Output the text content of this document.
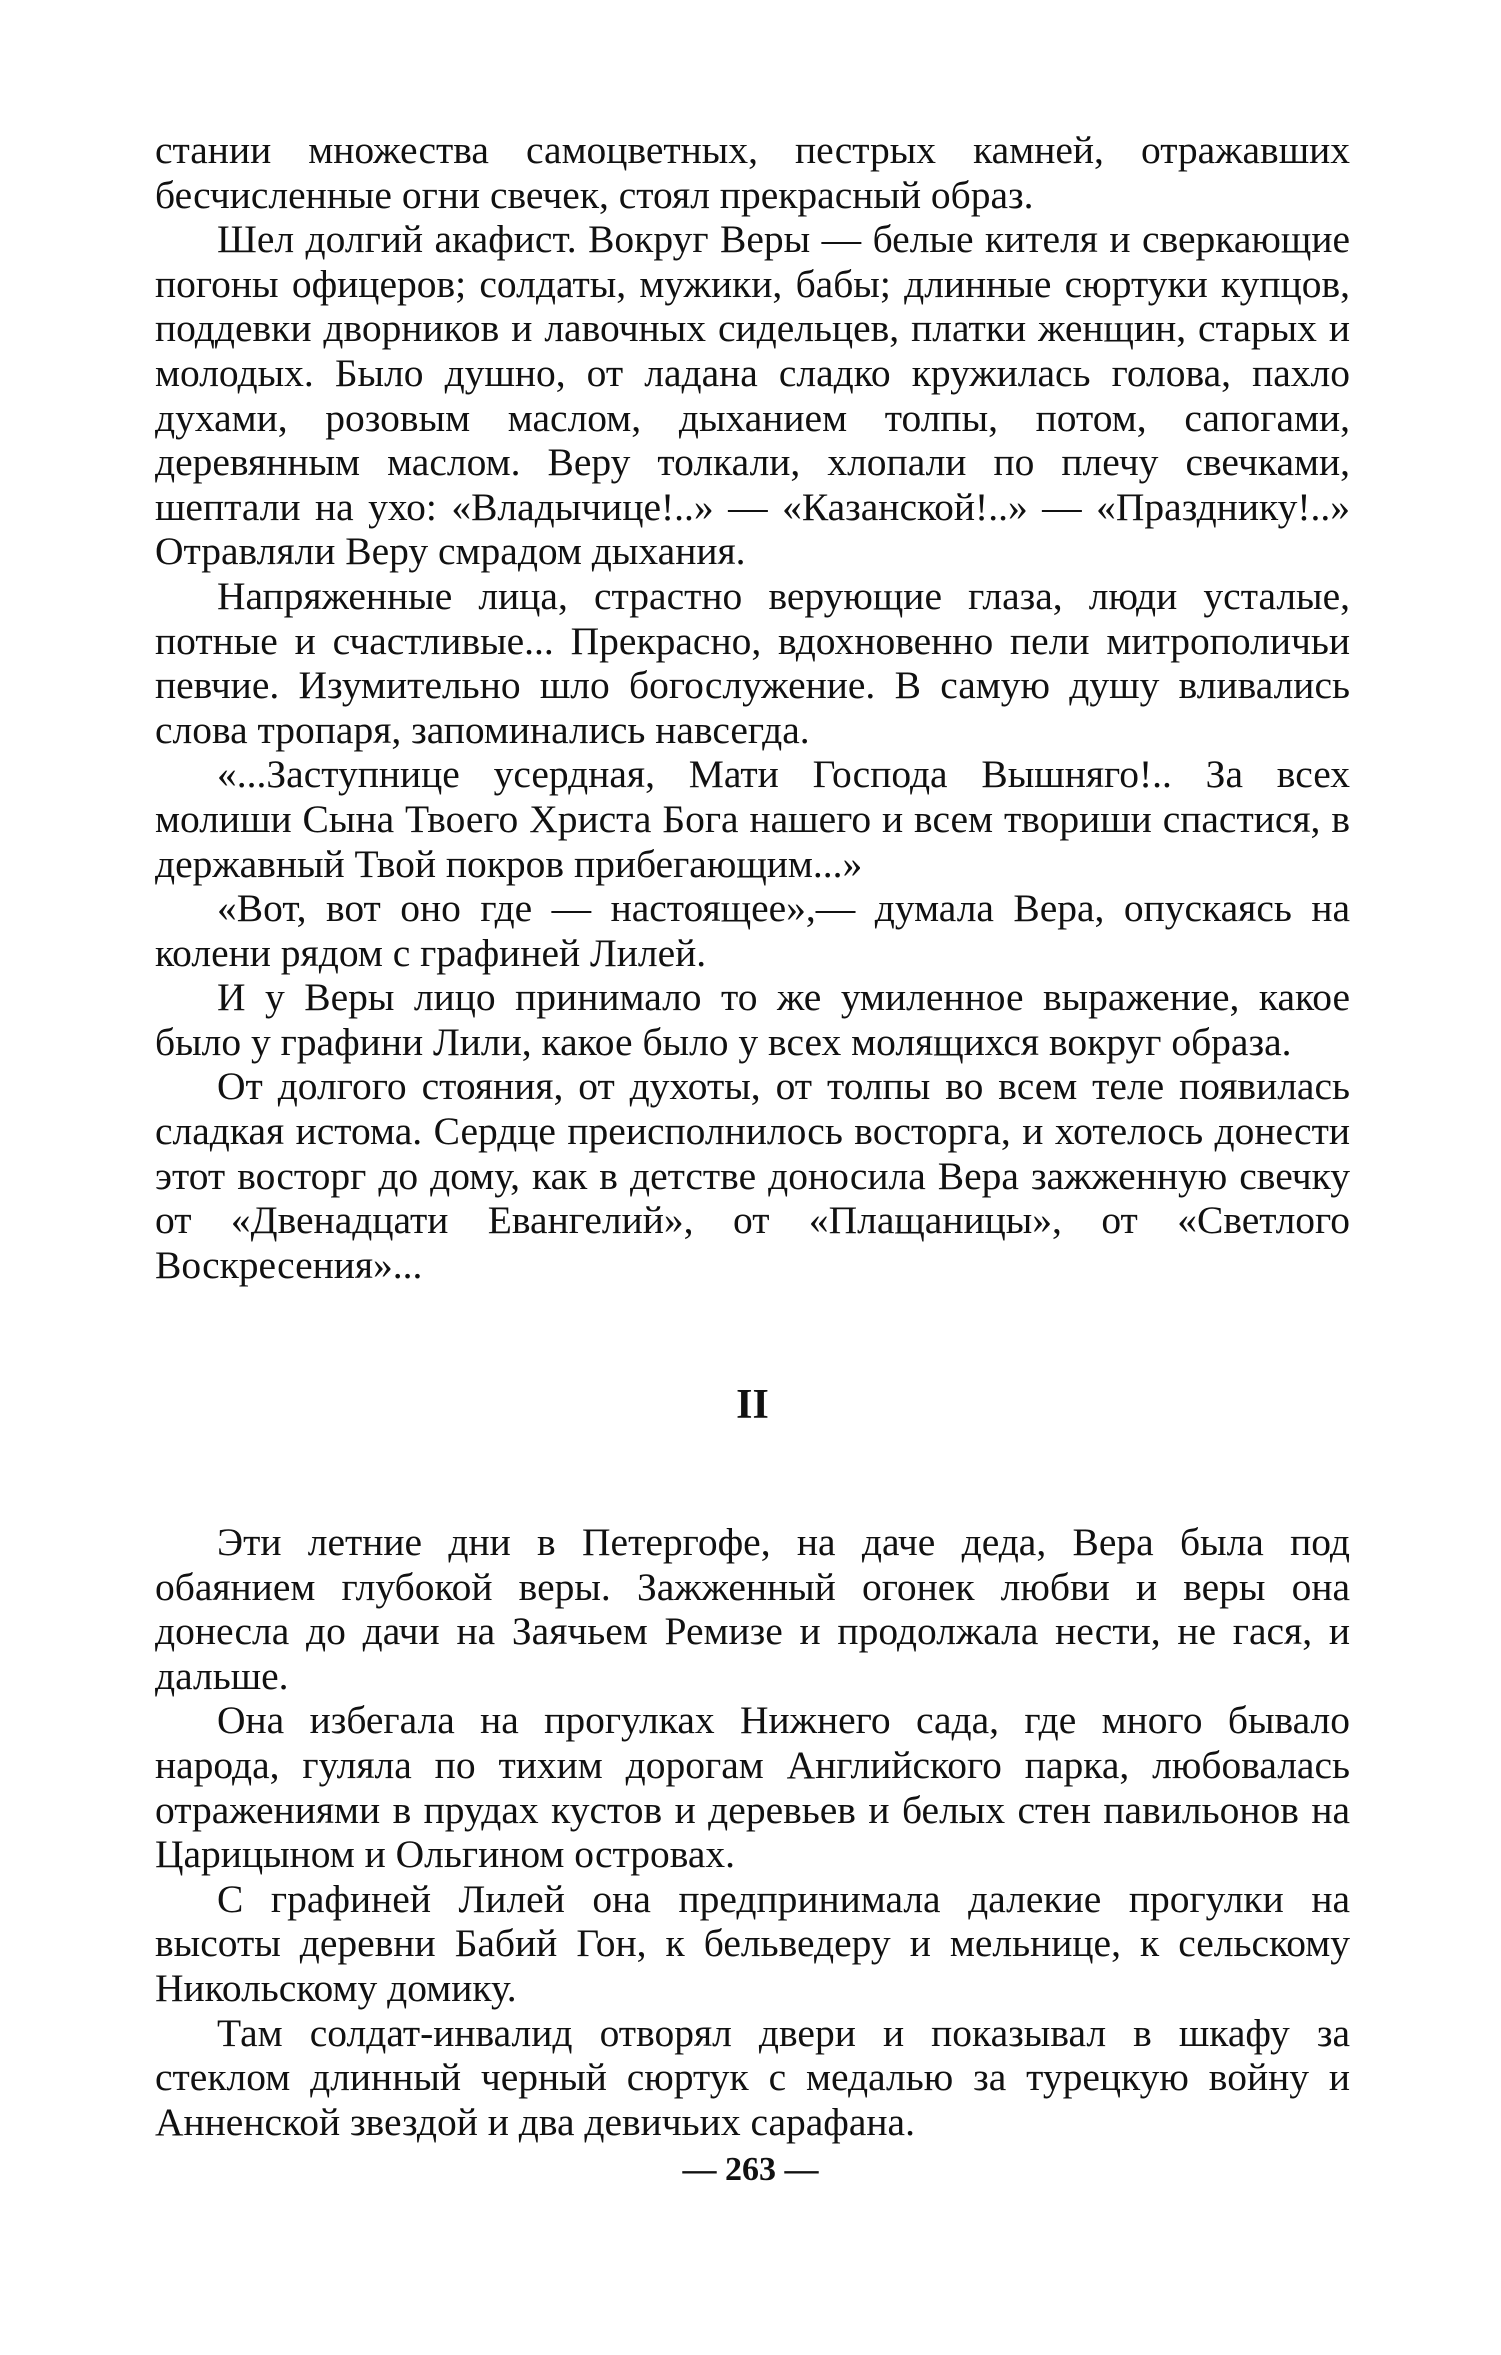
стании множества самоцветных, пестрых камней, отражавших бесчисленные огни свечек, стоял прекрасный образ.

Шел долгий акафист. Вокруг Веры — белые кителя и сверкающие погоны офицеров; солдаты, мужики, бабы; длинные сюртуки купцов, поддевки дворников и лавочных сидельцев, платки женщин, старых и молодых. Было душно, от ладана сладко кружилась голова, пахло духами, розовым маслом, дыханием толпы, потом, сапогами, деревянным маслом. Веру толкали, хлопали по плечу свечками, шептали на ухо: «Владычице!..» — «Казанской!..» — «Празднику!..» Отравляли Веру смрадом дыхания.

Напряженные лица, страстно верующие глаза, люди усталые, потные и счастливые... Прекрасно, вдохновенно пели митрополичьи певчие. Изумительно шло богослужение. В самую душу вливались слова тропаря, запоминались навсегда.

«...Заступнице усердная, Мати Господа Вышняго!.. За всех молиши Сына Твоего Христа Бога нашего и всем твориши спастися, в державный Твой покров прибегающим...»

«Вот, вот оно где — настоящее»,— думала Вера, опускаясь на колени рядом с графиней Лилей.

И у Веры лицо принимало то же умиленное выражение, какое было у графини Лили, какое было у всех молящихся вокруг образа.

От долгого стояния, от духоты, от толпы во всем теле появилась сладкая истома. Сердце преисполнилось восторга, и хотелось донести этот восторг до дому, как в детстве доносила Вера зажженную свечку от «Двенадцати Евангелий», от «Плащаницы», от «Светлого Воскресения»...

II

Эти летние дни в Петергофе, на даче деда, Вера была под обаянием глубокой веры. Зажженный огонек любви и веры она донесла до дачи на Заячьем Ремизе и продолжала нести, не гася, и дальше.

Она избегала на прогулках Нижнего сада, где много бывало народа, гуляла по тихим дорогам Английского парка, любовалась отражениями в прудах кустов и деревьев и белых стен павильонов на Царицыном и Ольгином островах.

С графиней Лилей она предпринимала далекие прогулки на высоты деревни Бабий Гон, к бельведеру и мельнице, к сельскому Никольскому домику.

Там солдат-инвалид отворял двери и показывал в шкафу за стеклом длинный черный сюртук с медалью за турецкую войну и Анненской звездой и два девичьих сарафана.

— 263 —
